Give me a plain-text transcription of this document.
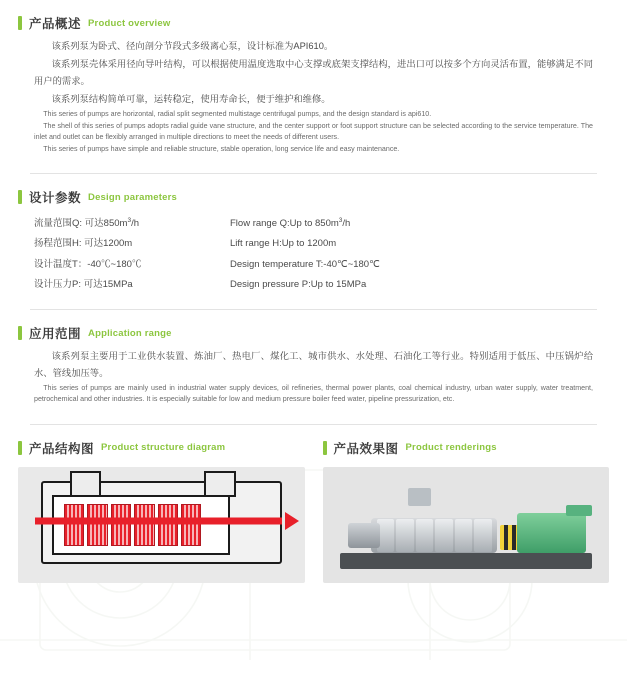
产品概述 Product overview

该系列泵为卧式、径向剖分节段式多级离心泵，设计标准为API610。

该系列泵壳体采用径向导叶结构，可以根据使用温度选取中心支撑或底架支撑结构，进出口可以按多个方向灵活布置，能够满足不同用户的需求。

该系列泵结构简单可靠，运转稳定，使用寿命长，便于维护和维修。

This series of pumps are horizontal, radial split segmented multistage centrifugal pumps, and the design standard is api610.

The shell of this series of pumps adopts radial guide vane structure, and the center support or foot support structure can be selected according to the service temperature. The inlet and outlet can be flexibly arranged in multiple directions to meet the needs of different users.

This series of pumps have simple and reliable structure, stable operation, long service life and easy maintenance.

设计参数 Design parameters
流量范围Q: 可达$850m^3/h$	Flow range Q:Up to $850m^3/h$
扬程范围H: 可达1200m	Lift range H:Up to 1200m
设计温度T：-40℃~180℃	Design temperature T:-40℃~180℃
设计压力P: 可达15MPa	Design pressure P:Up to 15MPa
应用范围 Application range

该系列泵主要用于工业供水装置、炼油厂、热电厂、煤化工、城市供水、水处理、石油化工等行业。特别适用于低压、中压锅炉给水、管线加压等。

This series of pumps are mainly used in industrial water supply devices, oil refineries, thermal power plants, coal chemical industry, urban water supply, water treatment, petrochemical and other industries. It is especially suitable for low and medium pressure boiler feed water, pipeline pressurization, etc.

产品结构图 Product structure diagram	产品效果图 Product renderings
